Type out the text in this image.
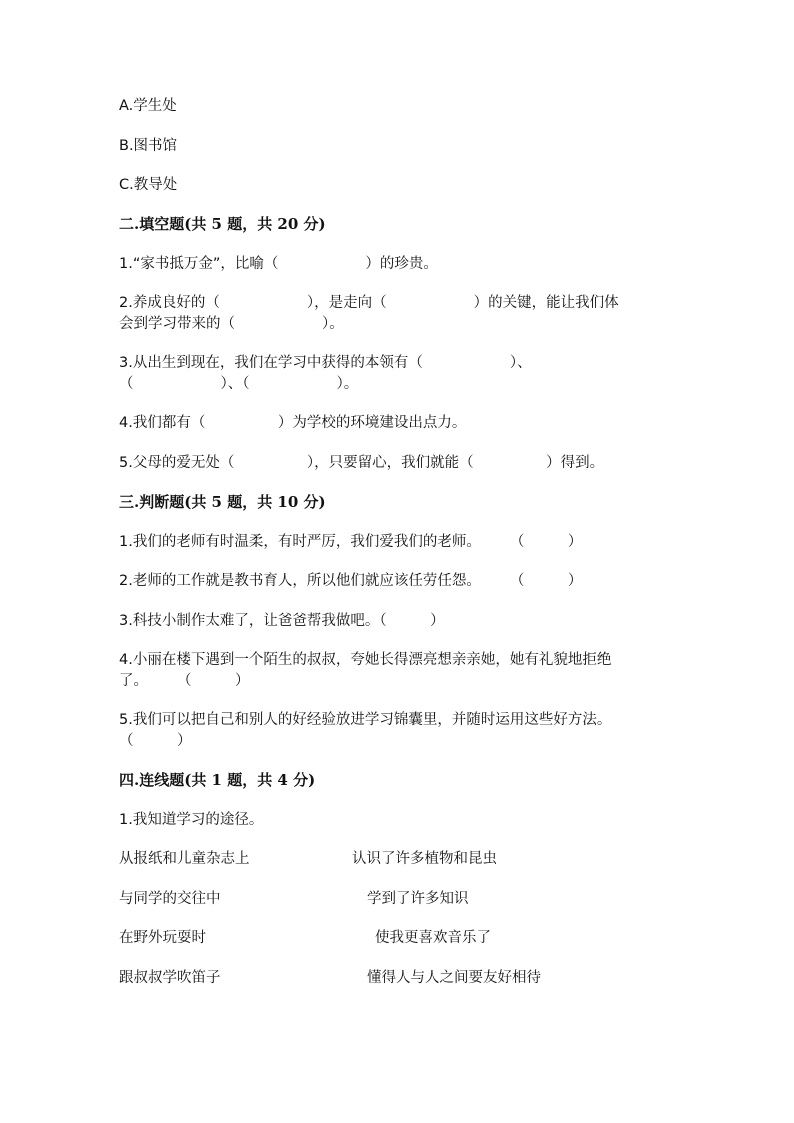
A.学生处
B.图书馆
C.教导处
二.填空题(共 5 题，共 20 分)
1.“家书抵万金”，比喻（　　　　　　）的珍贵。
2.养成良好的（　　　　　　），是走向（　　　　　　）的关键，能让我们体
会到学习带来的（　　　　　　）。
3.从出生到现在，我们在学习中获得的本领有（　　　　　　）、
（　　　　　　）、（　　　　　　）。
4.我们都有（　　　　　）为学校的环境建设出点力。
5.父母的爱无处（　　　　　），只要留心，我们就能（　　　　　）得到。
三.判断题(共 5 题，共 10 分)
1.我们的老师有时温柔，有时严厉，我们爱我们的老师。　　　（　　　）
2.老师的工作就是教书育人，所以他们就应该任劳任怨。　　　（　　　）
3.科技小制作太难了，让爸爸帮我做吧。（　　　）
4.小丽在楼下遇到一个陌生的叔叔，夸她长得漂亮想亲亲她，她有礼貌地拒绝
了。　　　（　　　）
5.我们可以把自己和别人的好经验放进学习锦囊里，并随时运用这些好方法。
（　　　）
四.连线题(共 1 题，共 4 分)
1.我知道学习的途径。
从报纸和儿童杂志上	认识了许多植物和昆虫
与同学的交往中	学到了许多知识
在野外玩耍时	使我更喜欢音乐了
跟叔叔学吹笛子	懂得人与人之间要友好相待
